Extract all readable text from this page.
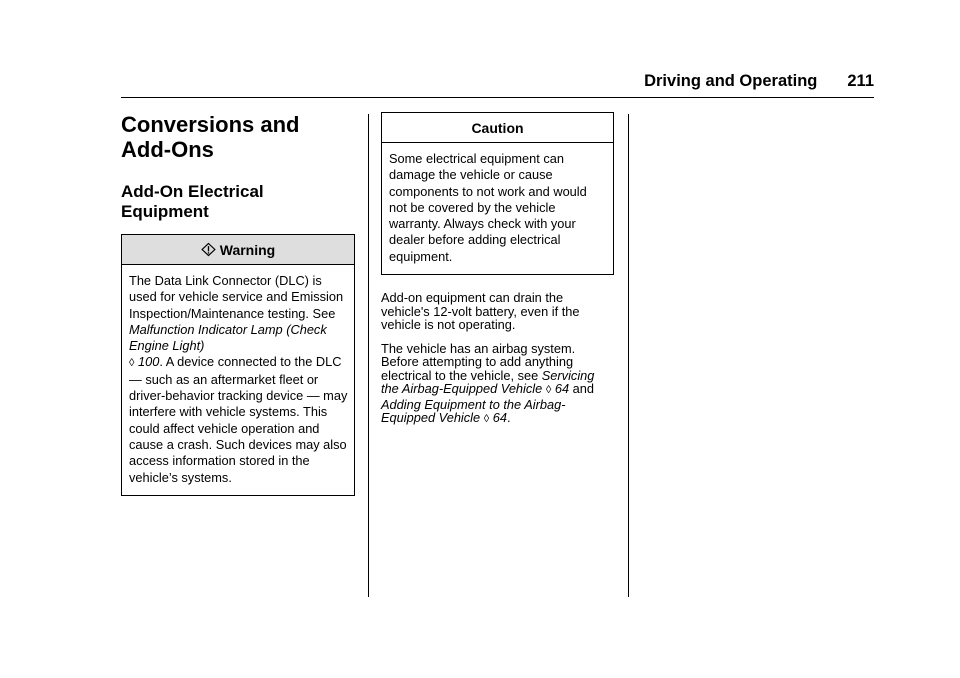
Driving and Operating 211
Conversions and
Add-Ons
Add-On Electrical
Equipment
Warning
The Data Link Connector (DLC) is used for vehicle service and Emission Inspection/Maintenance testing. See Malfunction Indicator Lamp (Check Engine Light)
◊ 100. A device connected to the DLC — such as an aftermarket fleet or driver-behavior tracking device — may interfere with vehicle systems. This could affect vehicle operation and cause a crash. Such devices may also access information stored in the vehicle’s systems.
Caution
Some electrical equipment can damage the vehicle or cause components to not work and would not be covered by the vehicle warranty. Always check with your dealer before adding electrical equipment.

Add-on equipment can drain the vehicle's 12-volt battery, even if the vehicle is not operating.

The vehicle has an airbag system. Before attempting to add anything electrical to the vehicle, see Servicing the Airbag-Equipped Vehicle ◊ 64 and Adding Equipment to the Airbag-Equipped Vehicle ◊ 64.
